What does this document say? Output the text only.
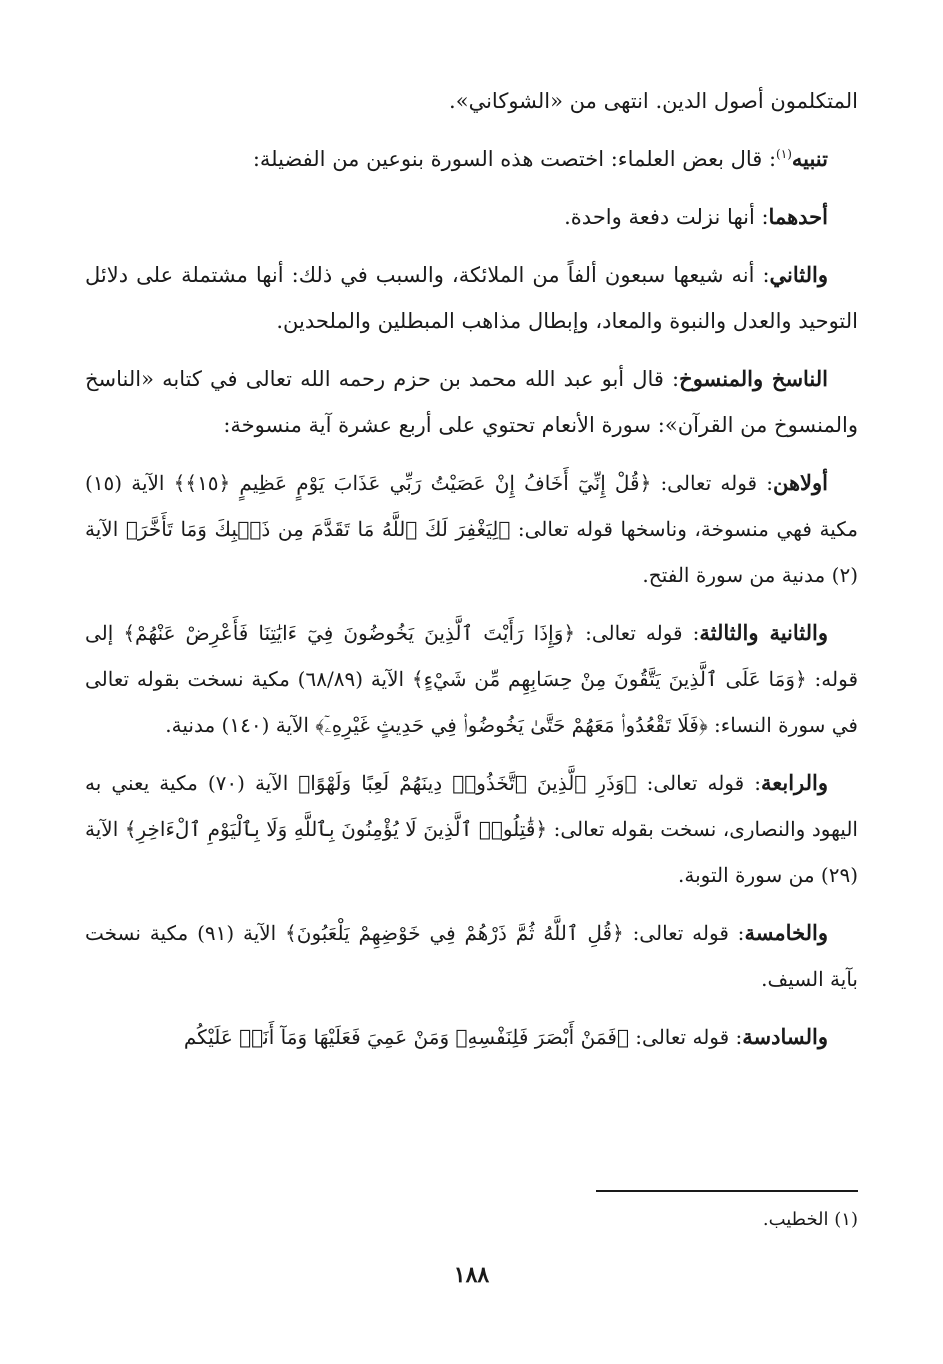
المتكلمون أصول الدين. انتهى من «الشوكاني».

تنبيه$^{(١)}$: قال بعض العلماء: اختصت هذه السورة بنوعين من الفضيلة:

أحدهما: أنها نزلت دفعة واحدة.

والثاني: أنه شيعها سبعون ألفاً من الملائكة، والسبب في ذلك: أنها مشتملة على دلائل التوحيد والعدل والنبوة والمعاد، وإبطال مذاهب المبطلين والملحدين.

الناسخ والمنسوخ: قال أبو عبد الله محمد بن حزم رحمه الله تعالى في كتابه «الناسخ والمنسوخ من القرآن»: سورة الأنعام تحتوي على أربع عشرة آية منسوخة:

أولاهن: قوله تعالى: ﴿قُلْ إِنِّيٓ أَخَافُ إِنْ عَصَيْتُ رَبِّي عَذَابَ يَوْمٍ عَظِيمٍ ﴿١٥﴾﴾ الآية (١٥) مكية فهي منسوخة، وناسخها قوله تعالى: ﴿لِيَغْفِرَ لَكَ ٱللَّهُ مَا تَقَدَّمَ مِن ذَنۢبِكَ وَمَا تَأَخَّرَ﴾ الآية (٢) مدنية من سورة الفتح.

والثانية والثالثة: قوله تعالى: ﴿وَإِذَا رَأَيْتَ ٱلَّذِينَ يَخُوضُونَ فِيٓ ءَايَٰتِنَا فَأَعْرِضْ عَنْهُمْ﴾ إلى قوله: ﴿وَمَا عَلَى ٱلَّذِينَ يَتَّقُونَ مِنْ حِسَابِهِم مِّن شَيْءٍ﴾ الآية (٦٨/٨٩) مكية نسخت بقوله تعالى في سورة النساء: ﴿فَلَا تَقْعُدُوا۟ مَعَهُمْ حَتَّىٰ يَخُوضُوا۟ فِي حَدِيثٍ غَيْرِهِۦٓ﴾ الآية (١٤٠) مدنية.

والرابعة: قوله تعالى: ﴿وَذَرِ ٱلَّذِينَ ٱتَّخَذُوا۟ دِينَهُمْ لَعِبًا وَلَهْوًا﴾ الآية (٧٠) مكية يعني به اليهود والنصارى، نسخت بقوله تعالى: ﴿قَٰتِلُوا۟ ٱلَّذِينَ لَا يُؤْمِنُونَ بِٱللَّهِ وَلَا بِٱلْيَوْمِ ٱلْءَاخِرِ﴾ الآية (٢٩) من سورة التوبة.

والخامسة: قوله تعالى: ﴿قُلِ ٱللَّهُ ثُمَّ ذَرْهُمْ فِي خَوْضِهِمْ يَلْعَبُونَ﴾ الآية (٩١) مكية نسخت بآية السيف.

والسادسة: قوله تعالى: ﴿فَمَنْ أَبْصَرَ فَلِنَفْسِهِۦ وَمَنْ عَمِيَ فَعَلَيْهَا وَمَآ أَنَا۠ عَلَيْكُم

(١) الخطيب.
١٨٨
